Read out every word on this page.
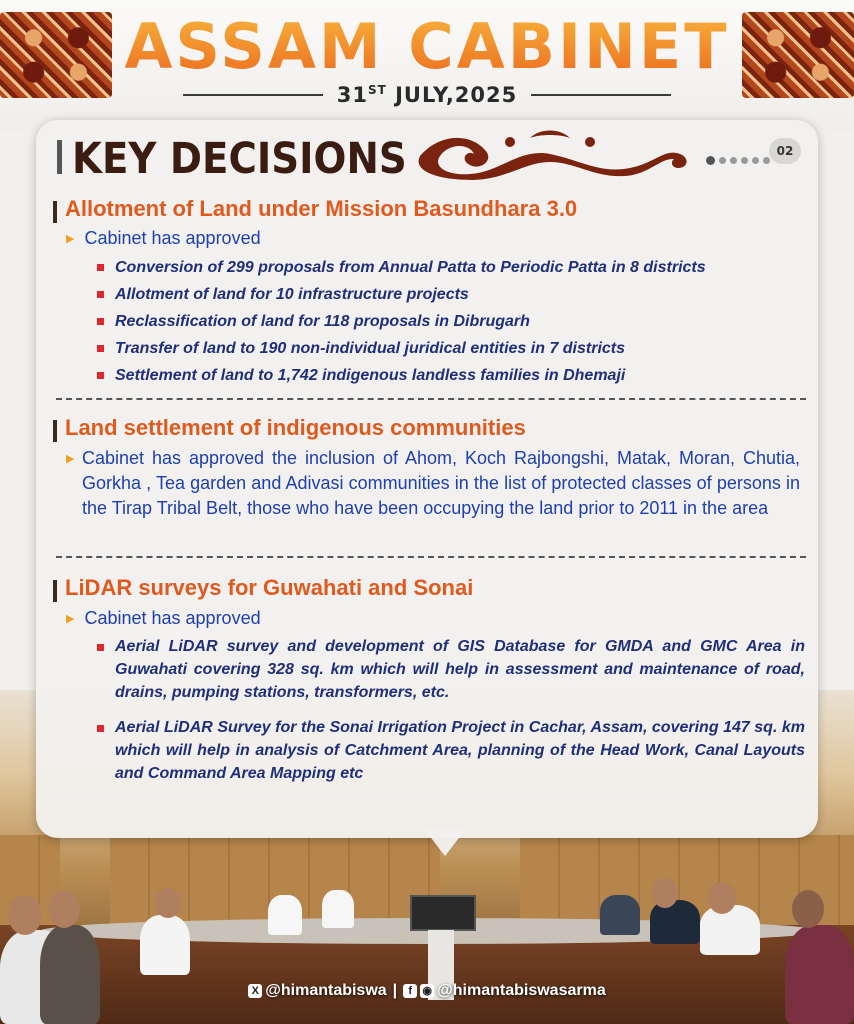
ASSAM CABINET
31ST JULY,2025
KEY DECISIONS	02
Allotment of Land under Mission Basundhara 3.0
▶ Cabinet has approved
Conversion of 299 proposals from Annual Patta to Periodic Patta in 8 districts
Allotment of land for 10 infrastructure projects
Reclassification of land for 118 proposals in Dibrugarh
Transfer of land to 190 non-individual juridical entities in 7 districts
Settlement of land to 1,742 indigenous landless families in Dhemaji
Land settlement of indigenous communities
▶ Cabinet has approved the inclusion of Ahom, Koch Rajbongshi, Matak, Moran, Chutia, Gorkha , Tea garden and Adivasi communities in the list of protected classes of persons in the Tirap Tribal Belt, those who have been occupying the land prior to 2011 in the area
LiDAR surveys for Guwahati and Sonai
▶ Cabinet has approved
Aerial LiDAR survey and development of GIS Database for GMDA and GMC Area in Guwahati covering 328 sq. km which will help in assessment and maintenance of road, drains, pumping stations, transformers, etc.
Aerial LiDAR Survey for the Sonai Irrigation Project in Cachar, Assam, covering 147 sq. km which will help in analysis of Catchment Area, planning of the Head Work, Canal Layouts and Command Area Mapping etc
X @himantabiswa | f ◉ @himantabiswasarma
